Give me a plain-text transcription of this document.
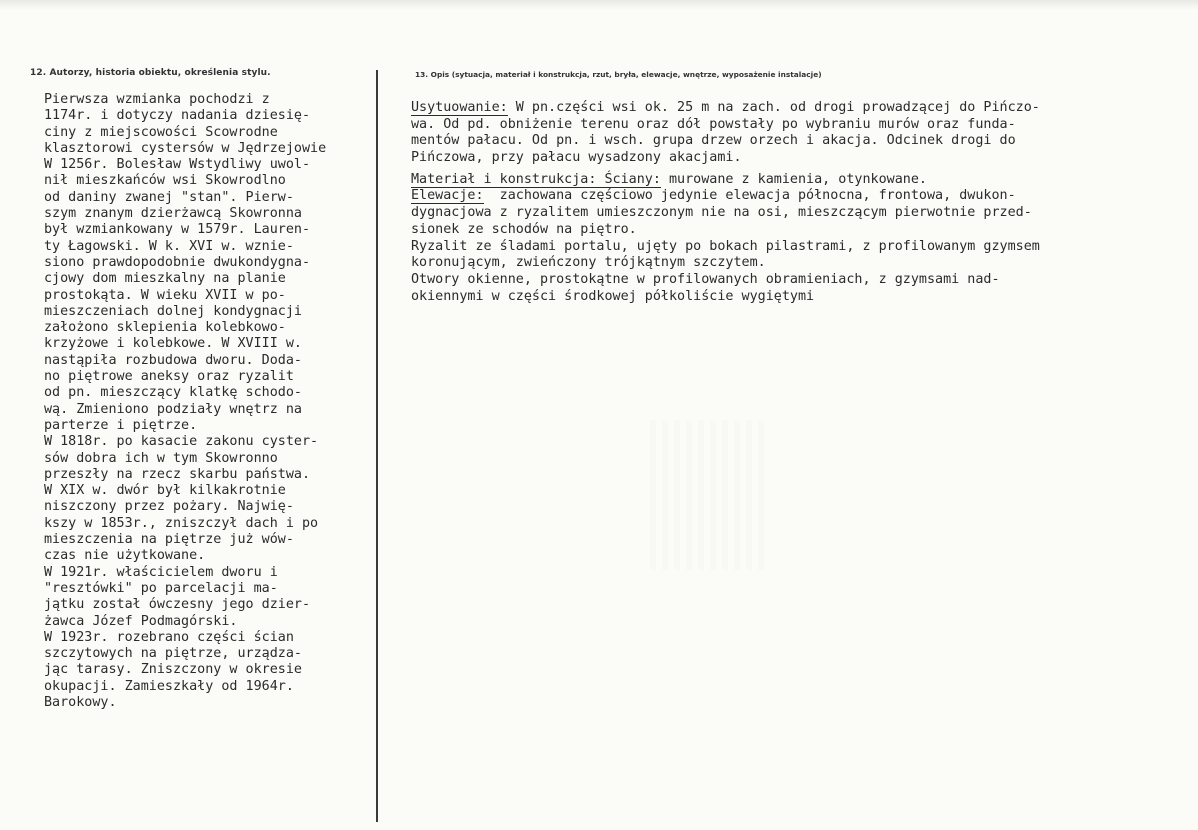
12. Autorzy, historia obiektu, określenia stylu.	13. Opis (sytuacja, materiał i konstrukcja, rzut, bryła, elewacje, wnętrze, wyposażenie instalacje)
Pierwsza wzmianka pochodzi z
1174r. i dotyczy nadania dziesię-
ciny z miejscowości Scowrodne
klasztorowi cystersów w Jędrzejowie
W 1256r. Bolesław Wstydliwy uwol-
nił mieszkańców wsi Skowrodlno
od daniny zwanej "stan". Pierw-
szym znanym dzierżawcą Skowronna
był wzmiankowany w 1579r. Lauren-
ty Łagowski. W k. XVI w. wznie-
siono prawdopodobnie dwukondygna-
cjowy dom mieszkalny na planie
prostokąta. W wieku XVII w po-
mieszczeniach dolnej kondygnacji
założono sklepienia kolebkowo-
krzyżowe i kolebkowe. W XVIII w.
nastąpiła rozbudowa dworu. Doda-
no piętrowe aneksy oraz ryzalit
od pn. mieszczący klatkę schodo-
wą. Zmieniono podziały wnętrz na
parterze i piętrze.
W 1818r. po kasacie zakonu cyster-
sów dobra ich w tym Skowronno
przeszły na rzecz skarbu państwa.
W XIX w. dwór był kilkakrotnie
niszczony przez pożary. Najwię-
kszy w 1853r., zniszczył dach i po
mieszczenia na piętrze już wów-
czas nie użytkowane.
W 1921r. właścicielem dworu i
"resztówki" po parcelacji ma-
jątku został ówczesny jego dzier-
żawca Józef Podmagórski.
W 1923r. rozebrano części ścian
szczytowych na piętrze, urządza-
jąc tarasy. Zniszczony w okresie
okupacji. Zamieszkały od 1964r.
Barokowy.
Usytuowanie: W pn.części wsi ok. 25 m na zach. od drogi prowadzącej do Pińczo-
wa. Od pd. obniżenie terenu oraz dół powstały po wybraniu murów oraz funda-
mentów pałacu. Od pn. i wsch. grupa drzew orzech i akacja. Odcinek drogi do
Pińczowa, przy pałacu wysadzony akacjami.
Materiał i konstrukcja: Ściany: murowane z kamienia, otynkowane.
Elewacje:  zachowana częściowo jedynie elewacja północna, frontowa, dwukon-
dygnacjowa z ryzalitem umieszczonym nie na osi, mieszczącym pierwotnie przed-
sionek ze schodów na piętro.
Ryzalit ze śladami portalu, ujęty po bokach pilastrami, z profilowanym gzymsem
koronującym, zwieńczony trójkątnym szczytem.
Otwory okienne, prostokątne w profilowanych obramieniach, z gzymsami nad-
okiennymi w części środkowej półkoliście wygiętymi
